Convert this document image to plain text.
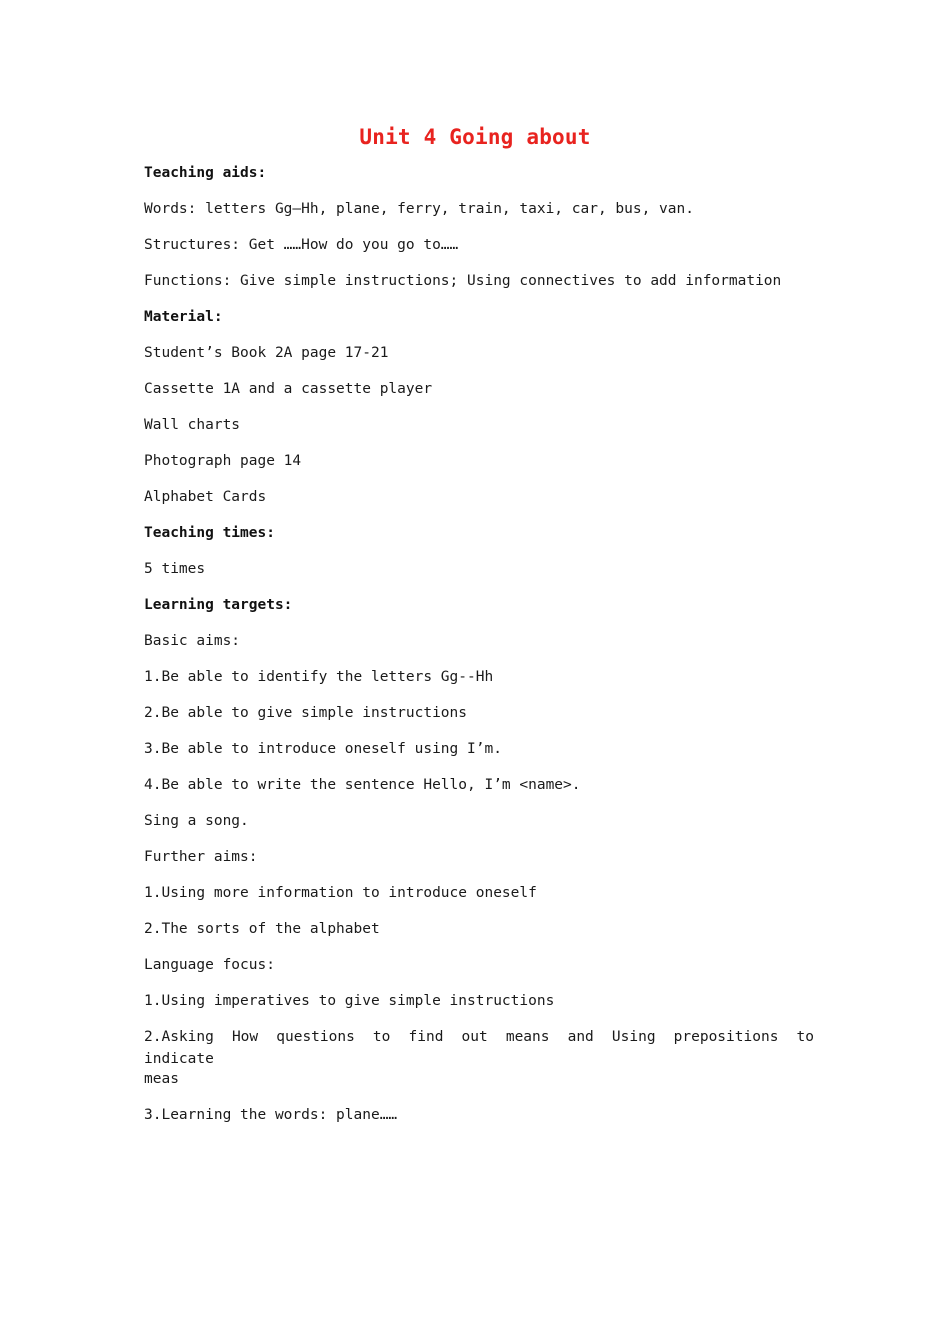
Unit 4 Going about

Teaching aids:

Words: letters Gg—Hh, plane, ferry, train, taxi, car, bus, van.

Structures: Get ……How do you go to……

Functions: Give simple instructions; Using connectives to add information

Material:

Student’s Book 2A page 17-21

Cassette 1A and a cassette player

Wall charts

Photograph page 14

Alphabet Cards

Teaching times:

5 times

Learning targets:

Basic aims:

1.Be able to identify the letters Gg--Hh

2.Be able to give simple instructions

3.Be able to introduce oneself using I’m.

4.Be able to write the sentence Hello, I’m <name>.

Sing a song.

Further aims:

1.Using more information to introduce oneself

2.The sorts of the alphabet

Language focus:

1.Using imperatives to give simple instructions

2.Asking How questions to find out means and Using prepositions to indicate

meas

3.Learning the words: plane……
